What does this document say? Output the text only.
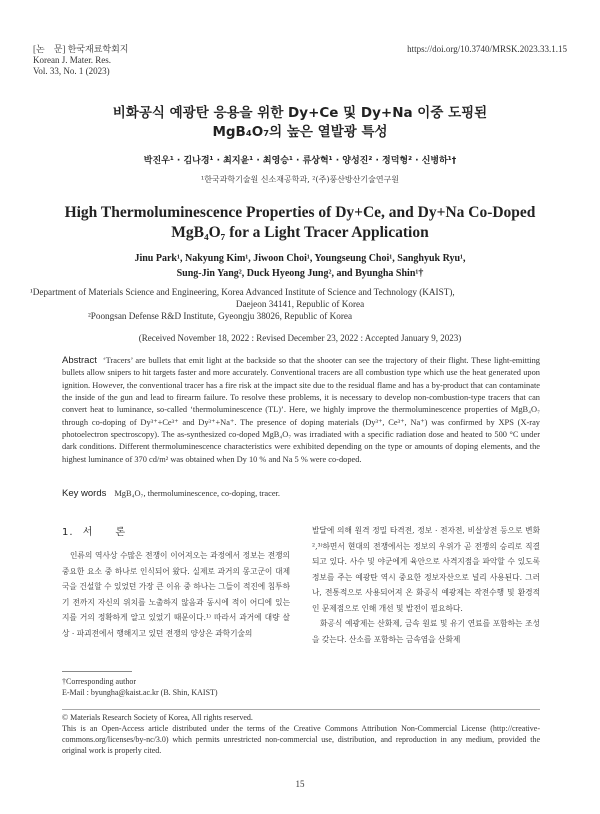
[논　문] 한국재료학회지
Korean J. Mater. Res.
Vol. 33, No. 1 (2023)
https://doi.org/10.3740/MRSK.2023.33.1.15
비화공식 예광탄 응용을 위한 Dy+Ce 및 Dy+Na 이중 도핑된
MgB₄O₇의 높은 열발광 특성
박진우¹ · 김나경¹ · 최지윤¹ · 최영승¹ · 류상혁¹ · 양성진² · 정덕형² · 신병하¹†
¹한국과학기술원 신소재공학과, ²(주)풍산방산기술연구원
High Thermoluminescence Properties of Dy+Ce, and Dy+Na Co-Doped
MgB₄O₇ for a Light Tracer Application
Jinu Park¹, Nakyung Kim¹, Jiwoon Choi¹, Youngseung Choi¹, Sanghyuk Ryu¹,
Sung-Jin Yang², Duck Hyeong Jung², and Byungha Shin¹†
¹Department of Materials Science and Engineering, Korea Advanced Institute of Science and Technology (KAIST),
Daejeon 34141, Republic of Korea
²Poongsan Defense R&D Institute, Gyeongju 38026, Republic of Korea
(Received November 18, 2022 : Revised December 23, 2022 : Accepted January 9, 2023)
Abstract ‘Tracers’ are bullets that emit light at the backside so that the shooter can see the trajectory of their flight. These light-emitting bullets allow snipers to hit targets faster and more accurately. Conventional tracers are all combustion type which use the heat generated upon ignition. However, the conventional tracer has a fire risk at the impact site due to the residual flame and has a by-product that can contaminate the inside of the gun and lead to firearm failure. To resolve these problems, it is necessary to develop non-combustion-type tracers that can convert heat to luminance, so-called ‘thermoluminescence (TL)’. Here, we highly improve the thermoluminescence properties of MgB₄O₇ through co-doping of Dy³⁺+Ce³⁺ and Dy³⁺+Na⁺. The presence of doping materials (Dy³⁺, Ce³⁺, Na⁺) was confirmed by XPS (X-ray photoelectron spectroscopy). The as-synthesized co-doped MgB₄O₇ was irradiated with a specific radiation dose and heated to 500 °C under dark conditions. Different thermoluminescence characteristics were exhibited depending on the type or amounts of doping elements, and the highest luminance of 370 cd/m² was obtained when Dy 10 % and Na 5 % were co-doped.
Key words MgB₄O₇, thermoluminescence, co-doping, tracer.
1. 서　　론

인류의 역사상 수많은 전쟁이 이어져오는 과정에서 정보는 전쟁의 중요한 요소 중 하나로 인식되어 왔다. 실제로 과거의 몽고군이 대제국을 건설할 수 있었던 가장 큰 이유 중 하나는 그들이 적진에 침투하기 전까지 자신의 위치를 노출하지 않음과 동시에 적이 어디에 있는지를 거의 정확하게 알고 있었기 때문이다.¹⁾ 따라서 과거에 대량 살상 · 파괴전에서 행해지고 있던 전쟁의 양상은 과학기술의

발달에 의해 원격 정밀 타격전, 정보 · 전자전, 비살상전 등으로 변화²,³⁾하면서 현대의 전쟁에서는 정보의 우위가 곧 전쟁의 승리로 직결되고 있다. 사수 및 야군에게 육안으로 사격지점을 파악할 수 있도록 정보를 주는 예광탄 역시 중요한 정보자산으로 널리 사용된다. 그러나, 전통적으로 사용되어져 온 화공식 예광제는 작전수행 및 환경적인 문제점으로 인해 개선 및 발전이 필요하다.

화공식 예광제는 산화제, 금속 원료 및 유기 연료를 포함하는 조성을 갖는다. 산소를 포함하는 금속염을 산화제

†Corresponding author
E-Mail : byungha@kaist.ac.kr (B. Shin, KAIST)
© Materials Research Society of Korea, All rights reserved.
This is an Open-Access article distributed under the terms of the Creative Commons Attribution Non-Commercial License (http://creative-commons.org/licenses/by-nc/3.0) which permits unrestricted non-commercial use, distribution, and reproduction in any medium, provided the original work is properly cited.
15
